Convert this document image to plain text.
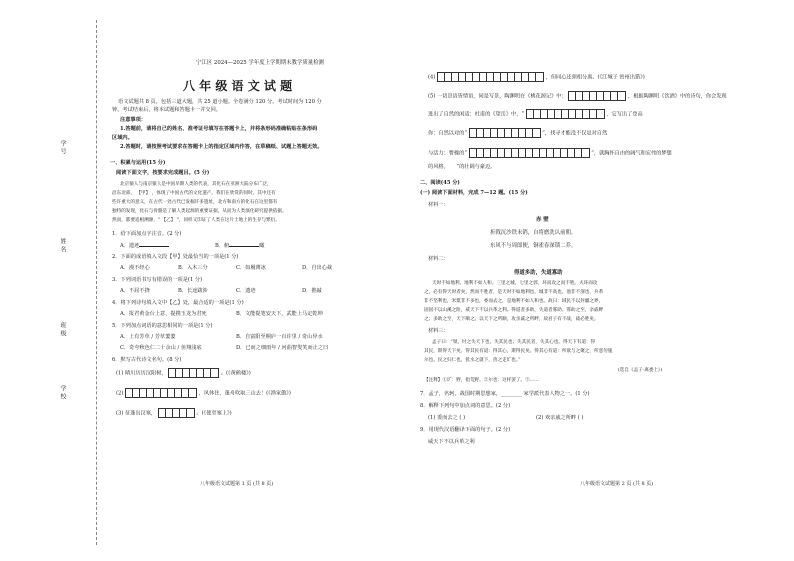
学号
姓名
班级
学校
宁江区 2024—2025 学年度上学期期末教学质量检测
八 年 级 语 文 试 题
语文试题共 8 页，包括三道大题，共 25 道小题。全卷满分 120 分。考试时间为 120 分
钟。考试结束后，将本试题和答题卡一并交回。
注意事项：
1.答题前，请将自己的姓名、准考证号填写在答题卡上，并将条形码准确粘贴在条形码
区域内。
2.答题时，请按照考试要求在答题卡上的指定区域内作答，在草稿纸、试题上答题无效。
一、积累与运用(15 分)
阅读下面文字，按要求完成题目。(5 分)
北京猿人与南京猿人是中国早期人类的代表，其化石在亚洲大陆分布广泛，
沿东北部， 【甲】 ，体现了中国古代的文化遗产。我们在欣赏的同时，其中还有
些许重大的意义，在古代一处古代已发掘许多遗址，北方和南方的化石在这里都有
独特的发现，化石与骨骼是了解人类起源的重要证据，从而为人类演化研究提供依据。
然而，都要追根溯源，" 【乙】 "，同样又印证了人类在这片土地上的生存与繁衍。
1．给下面加点字注音。(2 分)
A．遗迹	B．俯	瞰
2．下面的成语填入文段【甲】处最恰当的一项是(1 分)
A．漫不经心	B．入木三分	C．如履薄冰	D．自出心裁
3．下列词语书写有错误的一项是(1 分)
A．不屈不挠	B．长途跋涉	C．遗迹	D．推敲
4．将下列诗句填入文中【乙】处，最合适的一项是(1 分)
A．报君黄金台上意，提携玉龙为君死	B．文能提笔安天下，武能上马定乾坤
5．下列加点词语的意思相同的一项是(1 分)
A．上有芳草 / 芳草萋萋	B．自富阳至桐庐一百许里 / 奇山异水
C．奇夸秋色仁二十余山 / 鱼翔浅底	D．已而之细雨年 / 河曲智叟笑而止之曰
6．默写古代诗文名句。(8 分)
(1) 晴川历历汉阳树，	。(《黄鹤楼》)
(2)	，风休住，蓬舟吹取三山去！(《渔家傲》)
(3) 征蓬出汉塞，	。(《使至塞上》)
八年级语文试题第 1 页 (共 8 页)
(4)	，但同心还须相分离。(《江城子 密州出猎》)
(5) 一切景语皆情语，同是写景，陶渊明在《桃花源记》中：	，根据陶渊明《饮酒》中的诗句，你会发现
进出了自然的闲适：杜甫的《望岳》中，“	，它写出了登高
你：自然以对的“	”，找寻才能没不仅是对自然
与活力：曹操的“	”，就胸怀自由的阔气和宏伟的梦想
的风格。 ”的壮阔与豪迈。
二、阅读(45 分)
(一) 阅读下面材料，完成 7—12 题。(15 分)
材料一：
赤 壁
折戟沉沙铁未销，自将磨洗认前朝。
东风不与周郎便，铜雀春深锁二乔。
材料二：
得道多助，失道寡助
天时不如地利，地利不如人和。三里之城，七里之郭，环而攻之而不胜。夫环而攻
之，必有得天时者矣，然而不胜者，是天时不如地利也。城非不高也，池非不深也，兵革
非不坚利也，米粟非不多也，委而去之，是地利不如人和也。故曰：域民不以封疆之界，
固国不以山溪之险，威天下不以兵革之利。得道者多助，失道者寡助。寡助之至，亲戚畔
之；多助之至，天下顺之。以天下之所顺，攻亲戚之所畔，故君子有不战，战必胜矣。
材料三：
孟子曰：“桀、纣之失天下也，失其民也；失其民者，失其心也。得天下有道：得
其民，斯得天下矣。得其民有道：得其心，斯得民矣。得其心有道：所欲与之聚之，所恶勿施
尔也。民之归仁也，犹水之就下，兽之走圹也。”
(选自《孟子·离娄上》)
【注释】①圹：野，指荒野。②尔也：这样罢了。③……
7．孟子，名轲，战国时期思想家，________ 家学派代表人物之一。(1 分)
8．解释下列句中加点词的意思。(2 分)
(1) 委而去之 ( )	(2) 欢亲戚之所畔 ( )
9．用现代汉语翻译下面的句子。(2 分)
威天下不以兵革之利
八年级语文试题第 2 页 (共 8 页)
